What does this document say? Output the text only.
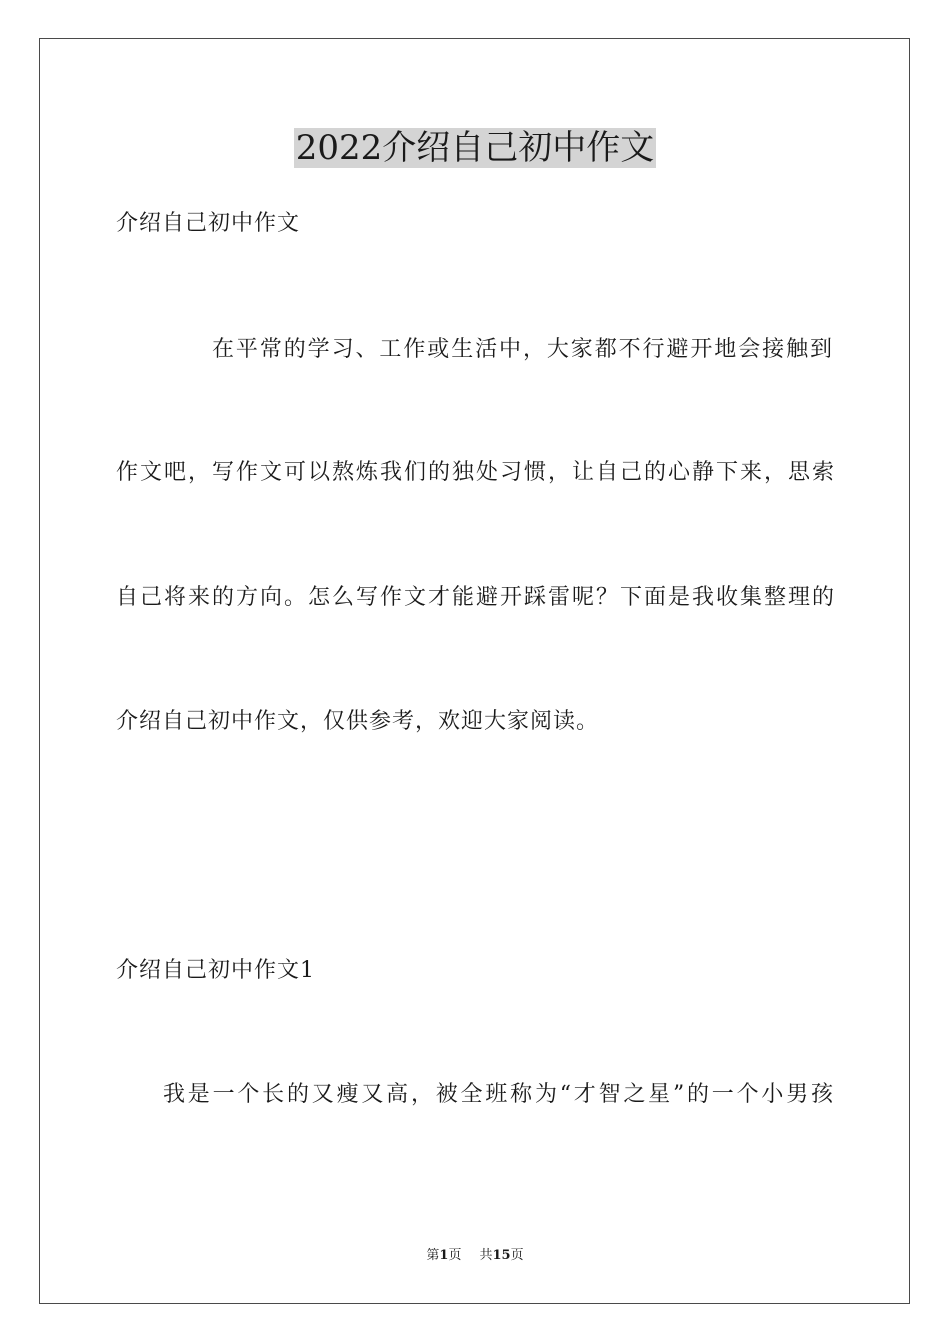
2022介绍自己初中作文

介绍自己初中作文

在平常的学习、工作或生活中，大家都不行避开地会接触到

作文吧，写作文可以熬炼我们的独处习惯，让自己的心静下来，思索

自己将来的方向。怎么写作文才能避开踩雷呢？下面是我收集整理的

介绍自己初中作文，仅供参考，欢迎大家阅读。

介绍自己初中作文1

我是一个长的又瘦又高，被全班称为“才智之星”的一个小男孩

第1页 共15页
